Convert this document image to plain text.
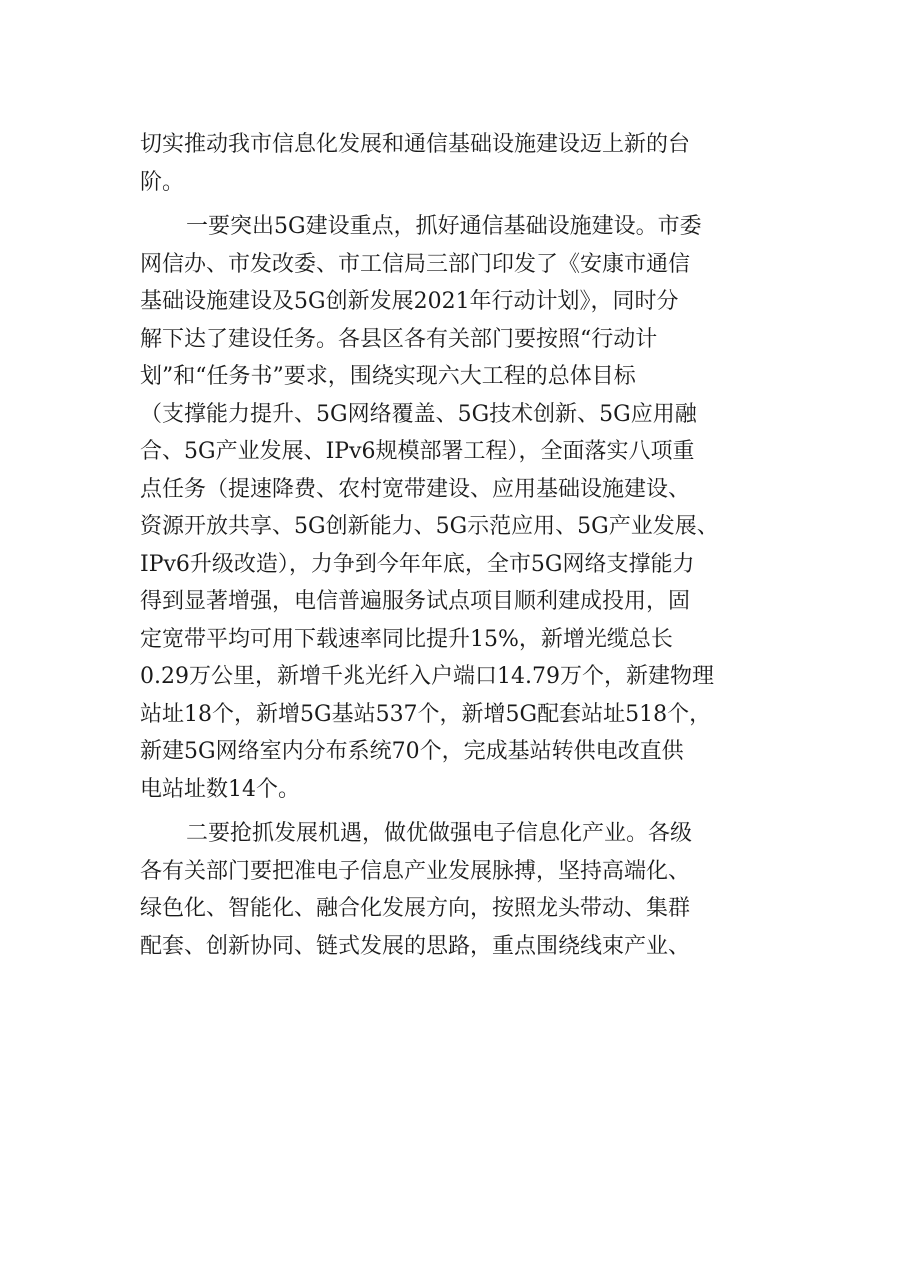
切实推动我市信息化发展和通信基础设施建设迈上新的台
阶。
一要突出5G建设重点，抓好通信基础设施建设。市委
网信办、市发改委、市工信局三部门印发了《安康市通信
基础设施建设及5G创新发展2021年行动计划》，同时分
解下达了建设任务。各县区各有关部门要按照“行动计
划”和“任务书”要求，围绕实现六大工程的总体目标
（支撑能力提升、5G网络覆盖、5G技术创新、5G应用融
合、5G产业发展、IPv6规模部署工程），全面落实八项重
点任务（提速降费、农村宽带建设、应用基础设施建设、
资源开放共享、5G创新能力、5G示范应用、5G产业发展、
IPv6升级改造），力争到今年年底，全市5G网络支撑能力
得到显著增强，电信普遍服务试点项目顺利建成投用，固
定宽带平均可用下载速率同比提升15%，新增光缆总长
0.29万公里，新增千兆光纤入户端口14.79万个，新建物理
站址18个，新增5G基站537个，新增5G配套站址518个，
新建5G网络室内分布系统70个，完成基站转供电改直供
电站址数14个。
二要抢抓发展机遇，做优做强电子信息化产业。各级
各有关部门要把准电子信息产业发展脉搏，坚持高端化、
绿色化、智能化、融合化发展方向，按照龙头带动、集群
配套、创新协同、链式发展的思路，重点围绕线束产业、
